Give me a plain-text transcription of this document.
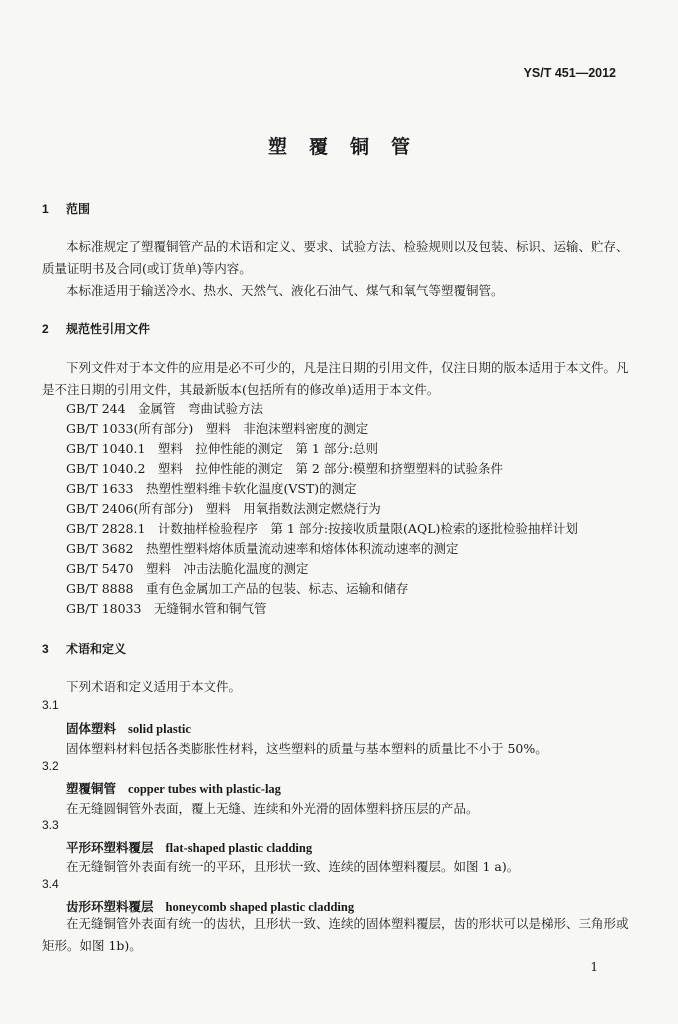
YS/T 451—2012
塑覆铜管
1 范围
本标准规定了塑覆铜管产品的术语和定义、要求、试验方法、检验规则以及包装、标识、运输、贮存、质量证明书及合同(或订货单)等内容。
本标准适用于输送冷水、热水、天然气、液化石油气、煤气和氧气等塑覆铜管。
2 规范性引用文件
下列文件对于本文件的应用是必不可少的，凡是注日期的引用文件，仅注日期的版本适用于本文件。凡是不注日期的引用文件，其最新版本(包括所有的修改单)适用于本文件。
GB/T 244　金属管　弯曲试验方法
GB/T 1033(所有部分)　塑料　非泡沫塑料密度的测定
GB/T 1040.1　塑料　拉伸性能的测定　第 1 部分:总则
GB/T 1040.2　塑料　拉伸性能的测定　第 2 部分:模塑和挤塑塑料的试验条件
GB/T 1633　热塑性塑料维卡软化温度(VST)的测定
GB/T 2406(所有部分)　塑料　用氧指数法测定燃烧行为
GB/T 2828.1　计数抽样检验程序　第 1 部分:按接收质量限(AQL)检索的逐批检验抽样计划
GB/T 3682　热塑性塑料熔体质量流动速率和熔体体积流动速率的测定
GB/T 5470　塑料　冲击法脆化温度的测定
GB/T 8888　重有色金属加工产品的包装、标志、运输和储存
GB/T 18033　无缝铜水管和铜气管
3 术语和定义
下列术语和定义适用于本文件。
3.1
固体塑料 solid plastic
固体塑料材料包括各类膨胀性材料，这些塑料的质量与基本塑料的质量比不小于 50%。
3.2
塑覆铜管 copper tubes with plastic-lag
在无缝圆铜管外表面，覆上无缝、连续和外光滑的固体塑料挤压层的产品。
3.3
平形环塑料覆层 flat-shaped plastic cladding
在无缝铜管外表面有统一的平环，且形状一致、连续的固体塑料覆层。如图 1 a)。
3.4
齿形环塑料覆层 honeycomb shaped plastic cladding
在无缝铜管外表面有统一的齿状，且形状一致、连续的固体塑料覆层，齿的形状可以是梯形、三角形或矩形。如图 1b)。
1
